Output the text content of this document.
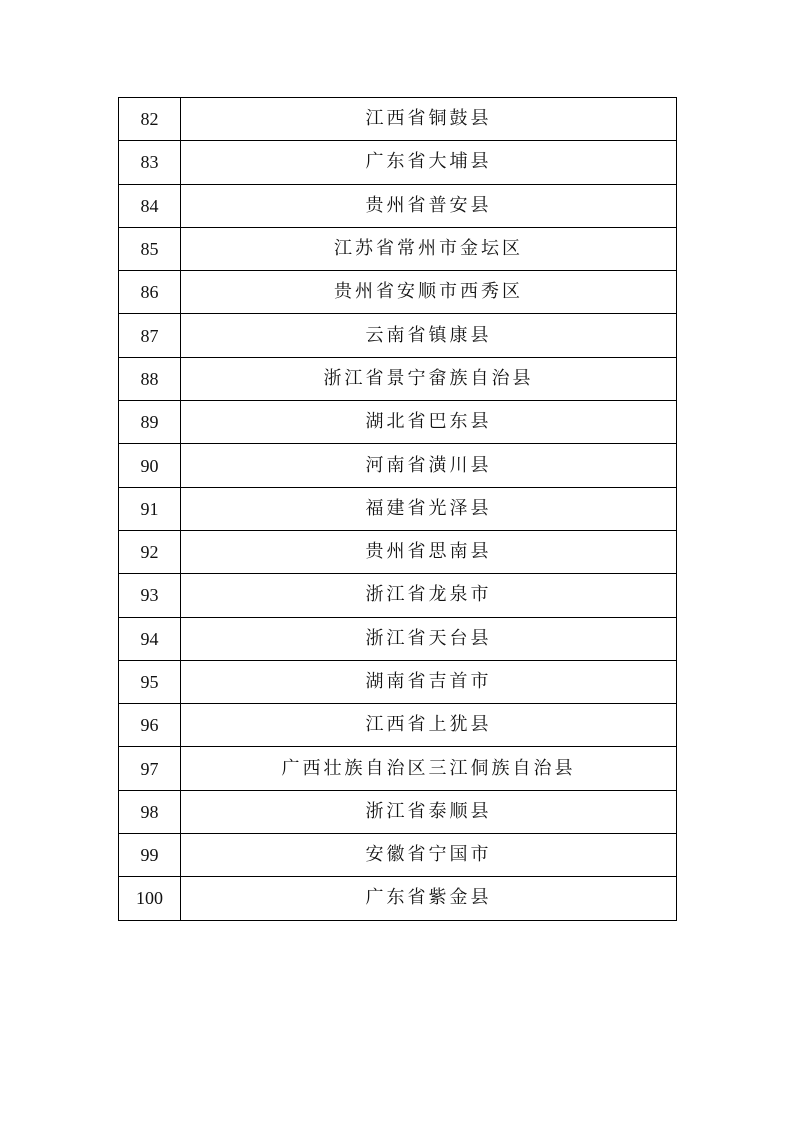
82	江西省铜鼓县
83	广东省大埔县
84	贵州省普安县
85	江苏省常州市金坛区
86	贵州省安顺市西秀区
87	云南省镇康县
88	浙江省景宁畲族自治县
89	湖北省巴东县
90	河南省潢川县
91	福建省光泽县
92	贵州省思南县
93	浙江省龙泉市
94	浙江省天台县
95	湖南省吉首市
96	江西省上犹县
97	广西壮族自治区三江侗族自治县
98	浙江省泰顺县
99	安徽省宁国市
100	广东省紫金县
